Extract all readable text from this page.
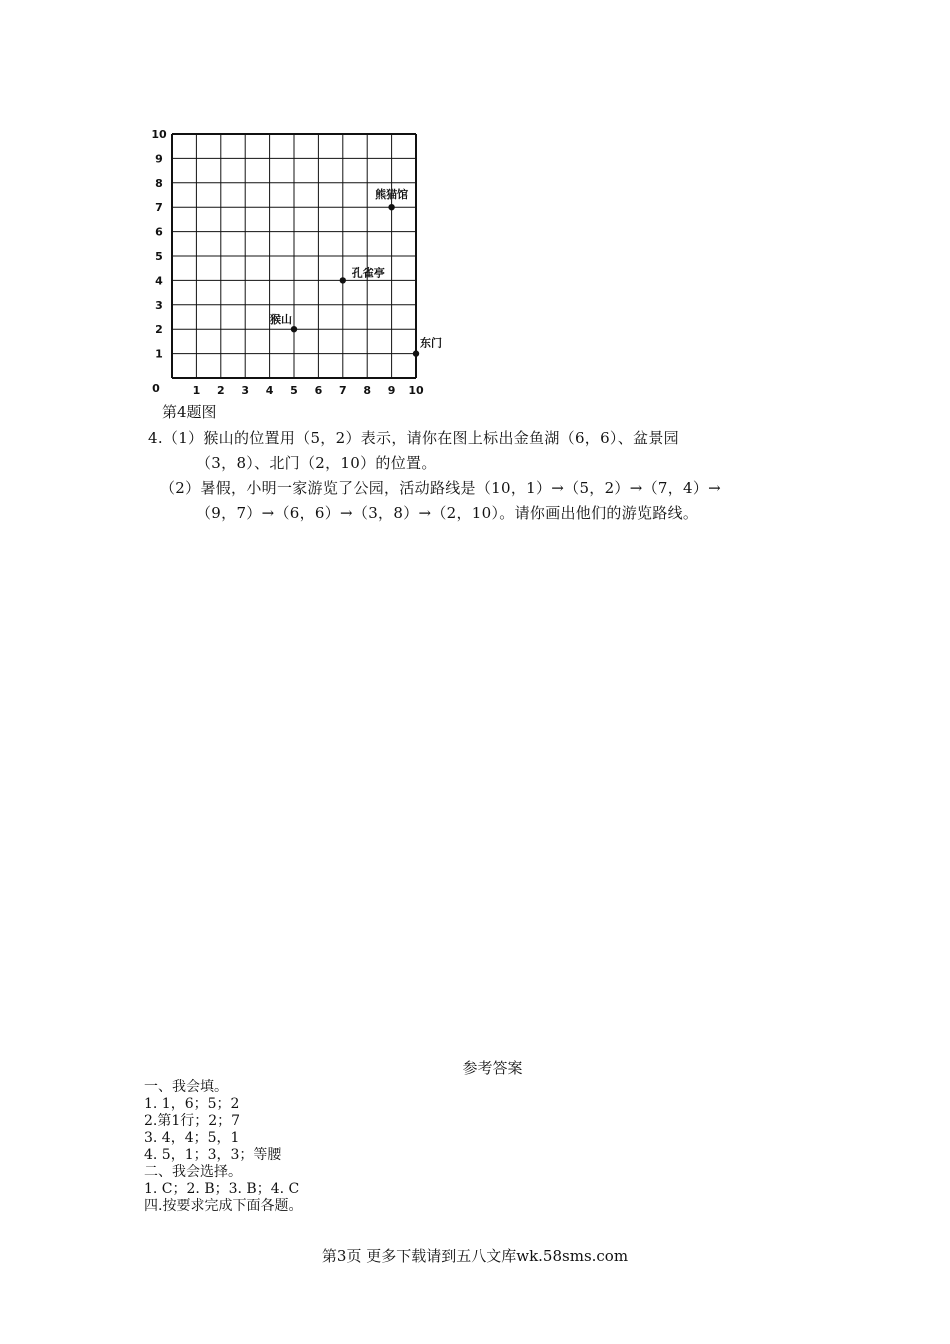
1 2 3 4 5 6 7 8 9 10
1
2
3
4
5
6
7
8
9
10
0
熊猫馆
孔雀亭
猴山
东门
第4题图
4.（1）猴山的位置用（5，2）表示，请你在图上标出金鱼湖（6，6）、盆景园
（3，8）、北门（2，10）的位置。
（2）暑假，小明一家游览了公园，活动路线是（10，1）→（5，2）→（7，4）→
（9，7）→（6，6）→（3，8）→（2，10）。请你画出他们的游览路线。
参考答案
一、我会填。
1. 1，6；5；2
2.第1行；2；7
3. 4，4；5，1
4. 5，1；3，3；等腰
二、我会选择。
1. C；2. B；3. B；4. C
四.按要求完成下面各题。
第3页 更多下载请到五八文库wk.58sms.com
